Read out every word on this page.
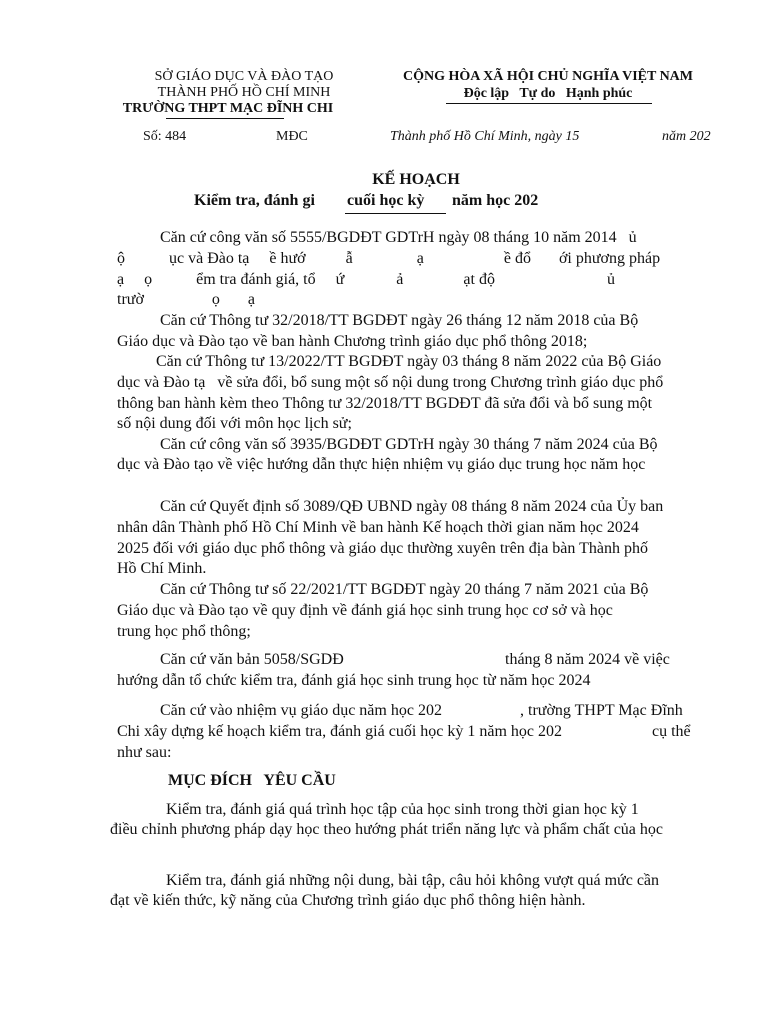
SỞ GIÁO DỤC VÀ ĐÀO TẠO
THÀNH PHỐ HỒ CHÍ MINH
TRƯỜNG THPT MẠC ĐĨNH CHI
CỘNG HÒA XÃ HỘI CHỦ NGHĨA VIỆT NAM
Độc lập   Tự do   Hạnh phúc
Số: 484	MĐC	Thành phố Hồ Chí Minh, ngày 15	năm 202
KẾ HOẠCH
Kiểm tra, đánh gi cuối học kỳ năm học 202
Căn cứ công văn số 5555/BGDĐT GDTrH ngày 08 tháng 10 năm 2014   ủ
ộ           ục và Đào tạ     ề hướ          ẫ                ạ                    ề đổ       ới phương pháp
ạ     ọ           ểm tra đánh giá, tổ     ứ             ả               ạt độ                            ủ
trườ                 ọ       ạ
Căn cứ Thông tư 32/2018/TT BGDĐT ngày 26 tháng 12 năm 2018 của Bộ
Giáo dục và Đào tạo về ban hành Chương trình giáo dục phổ thông 2018;
Căn cứ Thông tư 13/2022/TT BGDĐT ngày 03 tháng 8 năm 2022 của Bộ Giáo
dục và Đào tạ   về sửa đổi, bổ sung một số nội dung trong Chương trình giáo dục phổ
thông ban hành kèm theo Thông tư 32/2018/TT BGDĐT đã sửa đổi và bổ sung một
số nội dung đối với môn học lịch sử;
Căn cứ công văn số 3935/BGDĐT GDTrH ngày 30 tháng 7 năm 2024 của Bộ
dục và Đào tạo về việc hướng dẫn thực hiện nhiệm vụ giáo dục trung học năm học
Căn cứ Quyết định số 3089/QĐ UBND ngày 08 tháng 8 năm 2024 của Ủy ban
nhân dân Thành phố Hồ Chí Minh về ban hành Kế hoạch thời gian năm học 2024
2025 đối với giáo dục phổ thông và giáo dục thường xuyên trên địa bàn Thành phố
Hồ Chí Minh.
Căn cứ Thông tư số 22/2021/TT BGDĐT ngày 20 tháng 7 năm 2021 của Bộ
Giáo dục và Đào tạo về quy định về đánh giá học sinh trung học cơ sở và học
trung học phổ thông;
Căn cứ văn bản 5058/SGDĐ	tháng 8 năm 2024 về việc
hướng dẫn tổ chức kiểm tra, đánh giá học sinh trung học từ năm học 2024
Căn cứ vào nhiệm vụ giáo dục năm học 202	, trường THPT Mạc Đĩnh
Chi xây dựng kế hoạch kiểm tra, đánh giá cuối học kỳ 1 năm học 202	cụ thể
như sau:
MỤC ĐÍCH   YÊU CẦU
Kiểm tra, đánh giá quá trình học tập của học sinh trong thời gian học kỳ 1
điều chỉnh phương pháp dạy học theo hướng phát triển năng lực và phẩm chất của học
Kiểm tra, đánh giá những nội dung, bài tập, câu hỏi không vượt quá mức cần
đạt về kiến thức, kỹ năng của Chương trình giáo dục phổ thông hiện hành.
